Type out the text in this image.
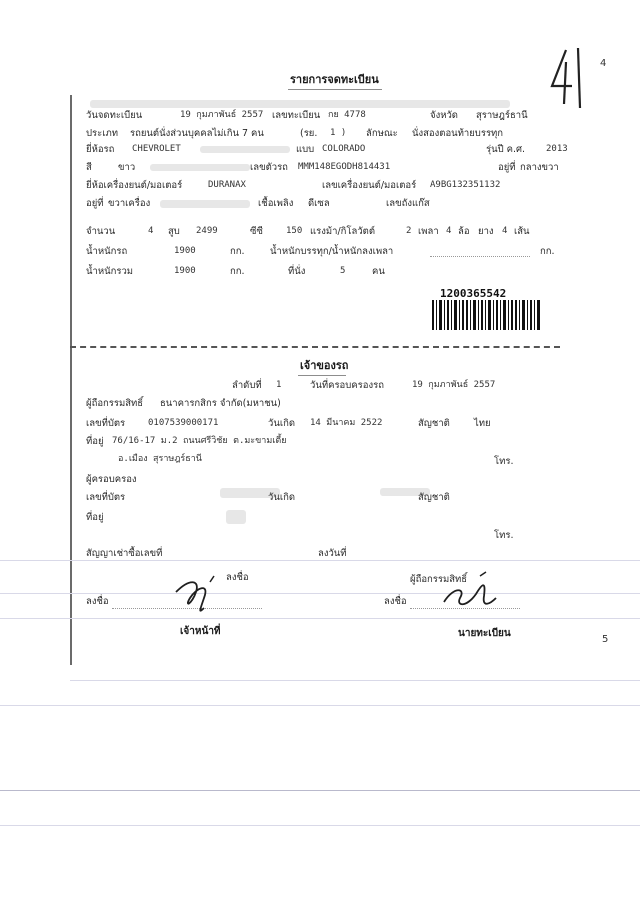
4
5
รายการจดทะเบียน
วันจดทะเบียน	19 กุมภาพันธ์ 2557 เลขทะเบียน กย 4778	จังหวัด สุราษฎร์ธานี
ประเภท รถยนต์นั่งส่วนบุคคลไม่เกิน 7 คน	(รย. 1 ) ลักษณะ นั่งสองตอนท้ายบรรทุก
ยี่ห้อรถ CHEVROLET	แบบ COLORADO	รุ่นปี ค.ศ. 2013
สี	ขาว	เลขตัวรถ MMM148EGODH814431	อยู่ที่ กลางขวา
ยี่ห้อเครื่องยนต์/มอเตอร์	DURANAX	เลขเครื่องยนต์/มอเตอร์ A9BG132351132
อยู่ที่ ขวาเครื่อง	เชื้อเพลิง ดีเซล	เลขถังแก๊ส
จำนวน	4 สูบ 2499	ซีซี	150 แรงม้า/กิโลวัตต์	2 เพลา 4 ล้อ ยาง 4 เส้น
น้ำหนักรถ	1900	กก.	น้ำหนักบรรทุก/น้ำหนักลงเพลา	กก.
น้ำหนักรวม	1900	กก.	ที่นั่ง	5	คน
1200365542
เจ้าของรถ
ลำดับที่ 1	วันที่ครอบครองรถ	19 กุมภาพันธ์ 2557
ผู้ถือกรรมสิทธิ์ ธนาคารกสิกร จำกัด(มหาชน)
เลขที่บัตร	0107539000171	วันเกิด 14 มีนาคม 2522	สัญชาติ	ไทย
ที่อยู่ 76/16-17 ม.2 ถนนศรีวิชัย ต.มะขามเตี้ย
อ.เมือง สุราษฎร์ธานี	โทร.
ผู้ครอบครอง
เลขที่บัตร	วันเกิด	สัญชาติ
ที่อยู่
โทร.
สัญญาเช่าซื้อเลขที่	ลงวันที่
ลงชื่อ	ผู้ถือกรรมสิทธิ์
ลงชื่อ	ลงชื่อ
เจ้าหน้าที่	นายทะเบียน
